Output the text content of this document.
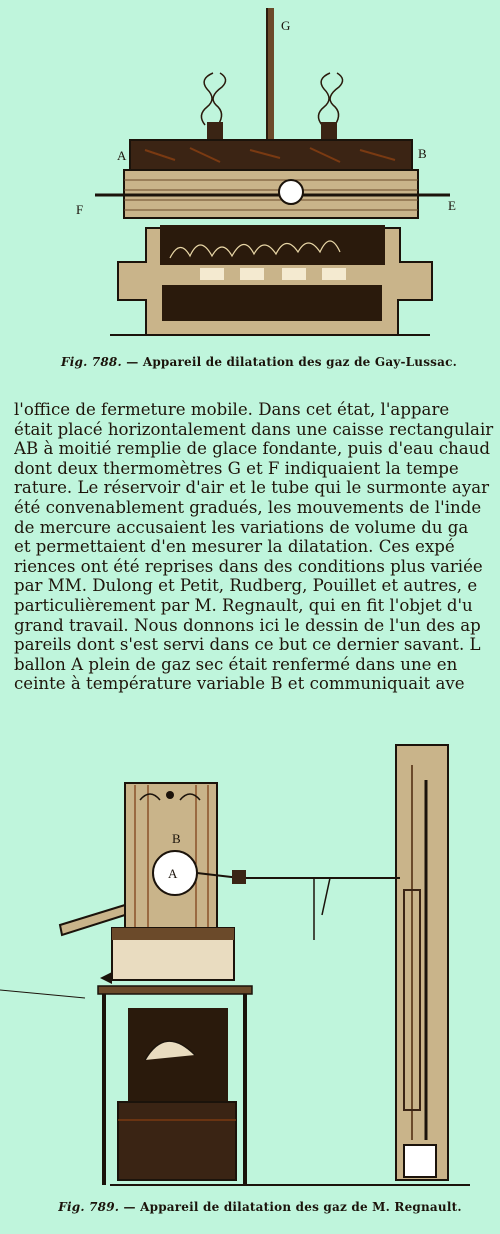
G
A	B
F	E
Fig. 788. — Appareil de dilatation des gaz de Gay-Lussac.
l'office de fermeture mobile. Dans cet état, l'appare
était placé horizontalement dans une caisse rectangulair
AB à moitié remplie de glace fondante, puis d'eau chaud
dont deux thermomètres G et F indiquaient la tempe
rature. Le réservoir d'air et le tube qui le surmonte ayar
été convenablement gradués, les mouvements de l'inde
de mercure accusaient les variations de volume du ga
et permettaient d'en mesurer la dilatation. Ces expé
riences ont été reprises dans des conditions plus variée
par MM. Dulong et Petit, Rudberg, Pouillet et autres, e
particulièrement par M. Regnault, qui en fit l'objet d'u
grand travail. Nous donnons ici le dessin de l'un des ap
pareils dont s'est servi dans ce but ce dernier savant. L
ballon A plein de gaz sec était renfermé dans une en
ceinte à température variable B et communiquait ave
B
A
Fig. 789. — Appareil de dilatation des gaz de M. Regnault.
